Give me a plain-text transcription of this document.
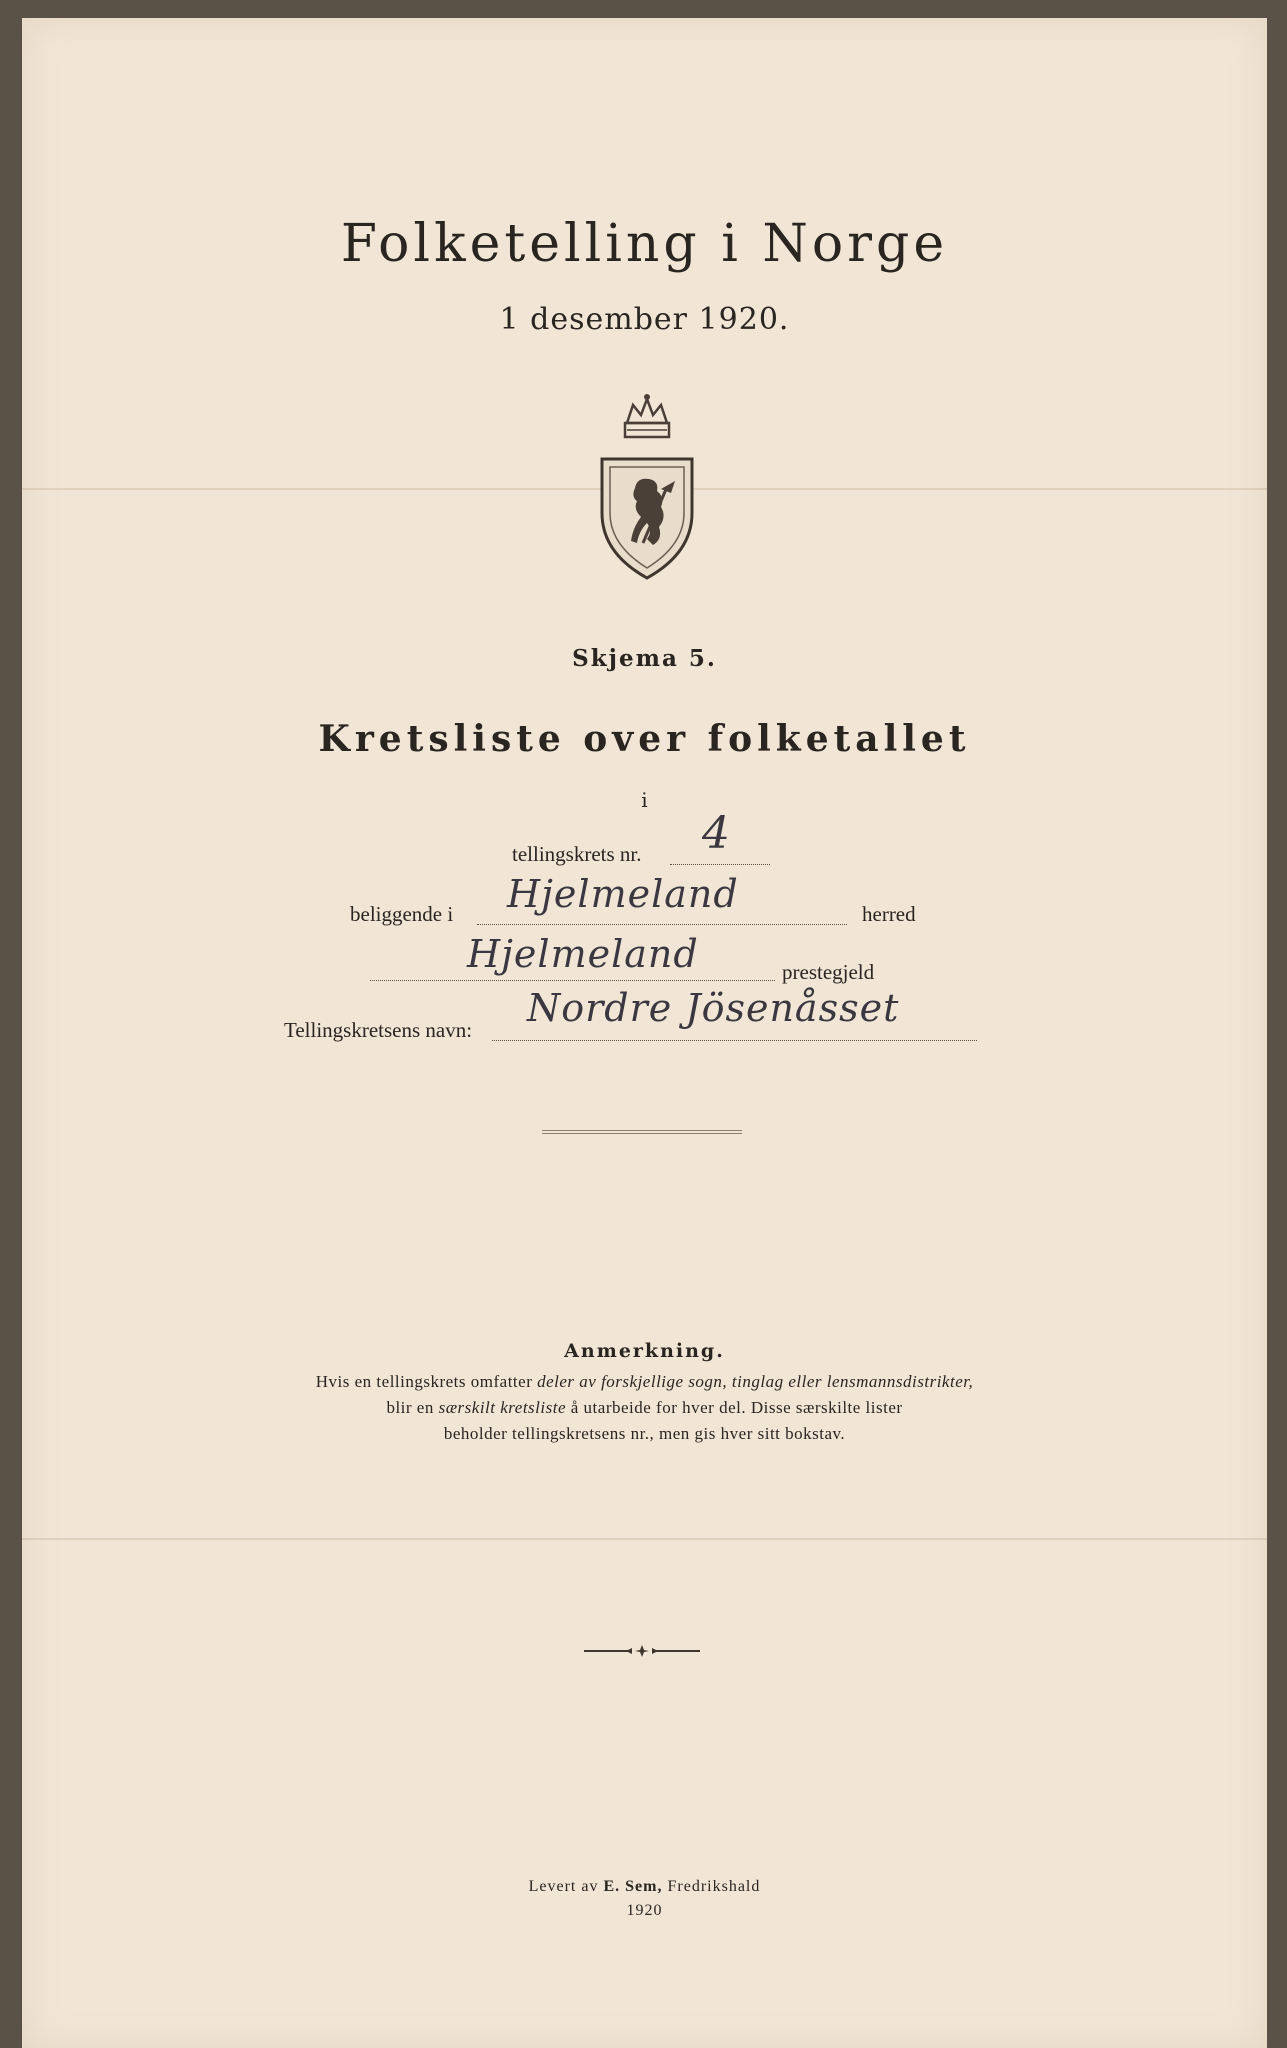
Folketelling i Norge
1 desember 1920.
Skjema 5.
Kretsliste over folketallet
i
tellingskrets nr. 4
beliggende i Hjelmeland	herred
Hjelmeland	prestegjeld
Tellingskretsens navn: Nordre Jösenåsset
Anmerkning.
Hvis en tellingskrets omfatter deler av forskjellige sogn, tinglag eller lensmannsdistrikter,
blir en særskilt kretsliste å utarbeide for hver del. Disse særskilte lister
beholder tellingskretsens nr., men gis hver sitt bokstav.
Levert av E. Sem, Fredrikshald
1920
